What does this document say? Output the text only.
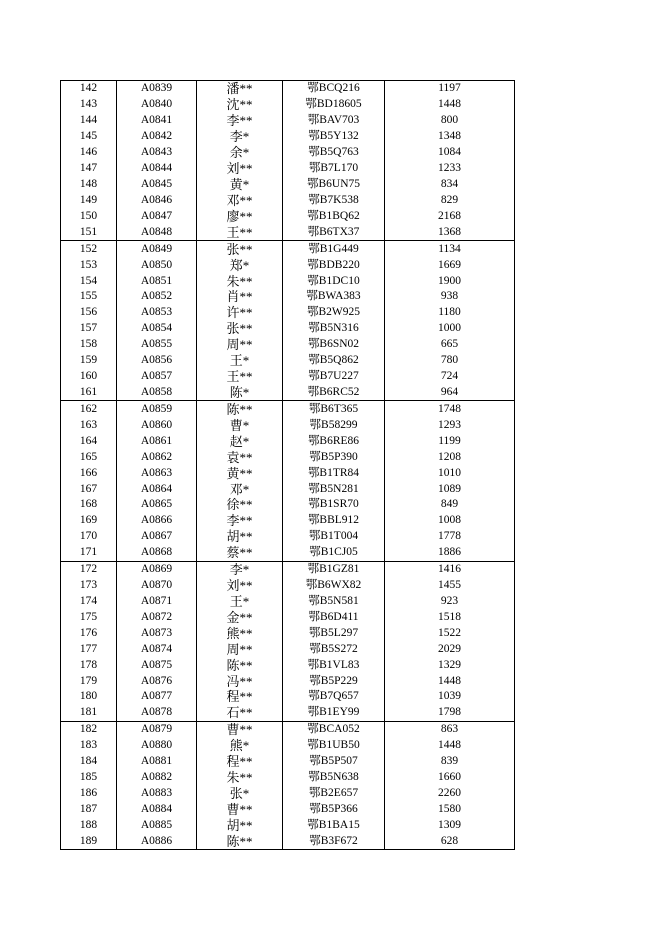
142	A0839	潘**	鄂BCQ216	1197
143	A0840	沈**	鄂BD18605	1448
144	A0841	李**	鄂BAV703	800
145	A0842	李*	鄂B5Y132	1348
146	A0843	余*	鄂B5Q763	1084
147	A0844	刘**	鄂B7L170	1233
148	A0845	黄*	鄂B6UN75	834
149	A0846	邓**	鄂B7K538	829
150	A0847	廖**	鄂B1BQ62	2168
151	A0848	王**	鄂B6TX37	1368
152	A0849	张**	鄂B1G449	1134
153	A0850	郑*	鄂BDB220	1669
154	A0851	朱**	鄂B1DC10	1900
155	A0852	肖**	鄂BWA383	938
156	A0853	许**	鄂B2W925	1180
157	A0854	张**	鄂B5N316	1000
158	A0855	周**	鄂B6SN02	665
159	A0856	王*	鄂B5Q862	780
160	A0857	王**	鄂B7U227	724
161	A0858	陈*	鄂B6RC52	964
162	A0859	陈**	鄂B6T365	1748
163	A0860	曹*	鄂B58299	1293
164	A0861	赵*	鄂B6RE86	1199
165	A0862	袁**	鄂B5P390	1208
166	A0863	黄**	鄂B1TR84	1010
167	A0864	邓*	鄂B5N281	1089
168	A0865	徐**	鄂B1SR70	849
169	A0866	李**	鄂BBL912	1008
170	A0867	胡**	鄂B1T004	1778
171	A0868	蔡**	鄂B1CJ05	1886
172	A0869	李*	鄂B1GZ81	1416
173	A0870	刘**	鄂B6WX82	1455
174	A0871	王*	鄂B5N581	923
175	A0872	金**	鄂B6D411	1518
176	A0873	熊**	鄂B5L297	1522
177	A0874	周**	鄂B5S272	2029
178	A0875	陈**	鄂B1VL83	1329
179	A0876	冯**	鄂B5P229	1448
180	A0877	程**	鄂B7Q657	1039
181	A0878	石**	鄂B1EY99	1798
182	A0879	曹**	鄂BCA052	863
183	A0880	熊*	鄂B1UB50	1448
184	A0881	程**	鄂B5P507	839
185	A0882	朱**	鄂B5N638	1660
186	A0883	张*	鄂B2E657	2260
187	A0884	曹**	鄂B5P366	1580
188	A0885	胡**	鄂B1BA15	1309
189	A0886	陈**	鄂B3F672	628
